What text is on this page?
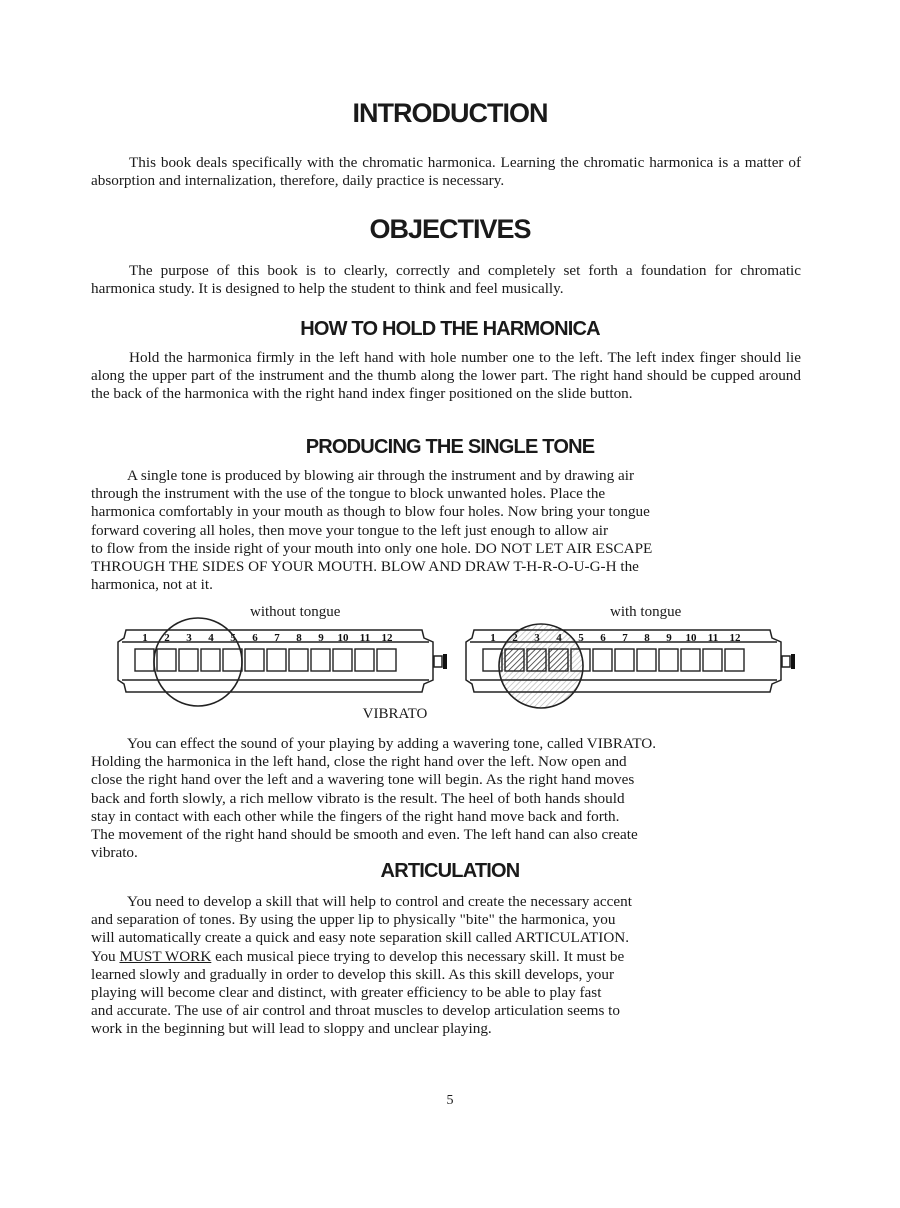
INTRODUCTION

This book deals specifically with the chromatic harmonica. Learning the chromatic harmonica is a matter of absorption and internalization, therefore, daily practice is necessary.

OBJECTIVES

The purpose of this book is to clearly, correctly and completely set forth a foundation for chromatic harmonica study. It is designed to help the student to think and feel musically.

HOW TO HOLD THE HARMONICA

Hold the harmonica firmly in the left hand with hole number one to the left. The left index finger should lie along the upper part of the instrument and the thumb along the lower part. The right hand should be cupped around the back of the harmonica with the right hand index finger positioned on the slide button.

PRODUCING THE SINGLE TONE
A single tone is produced by blowing air through the instrument and by drawing air
through the instrument with the use of the tongue to block unwanted holes. Place the
harmonica comfortably in your mouth as though to blow four holes. Now bring your tongue
forward covering all holes, then move your tongue to the left just enough to allow air
to flow from the inside right of your mouth into only one hole. DO NOT LET AIR ESCAPE
THROUGH THE SIDES OF YOUR MOUTH. BLOW AND DRAW T-H-R-O-U-G-H the
harmonica, not at it.
without tongue	with tongue
1 2 3 4 5 6 7 8 9 10 11 12	1 2 3 4 5 6 7 8 9 10 11 12
VIBRATO
You can effect the sound of your playing by adding a wavering tone, called VIBRATO.
Holding the harmonica in the left hand, close the right hand over the left. Now open and
close the right hand over the left and a wavering tone will begin. As the right hand moves
back and forth slowly, a rich mellow vibrato is the result. The heel of both hands should
stay in contact with each other while the fingers of the right hand move back and forth.
The movement of the right hand should be smooth and even. The left hand can also create
vibrato.
ARTICULATION
You need to develop a skill that will help to control and create the necessary accent
and separation of tones. By using the upper lip to physically "bite" the harmonica, you
will automatically create a quick and easy note separation skill called ARTICULATION.
You MUST WORK each musical piece trying to develop this necessary skill. It must be
learned slowly and gradually in order to develop this skill. As this skill develops, your
playing will become clear and distinct, with greater efficiency to be able to play fast
and accurate. The use of air control and throat muscles to develop articulation seems to
work in the beginning but will lead to sloppy and unclear playing.
5
